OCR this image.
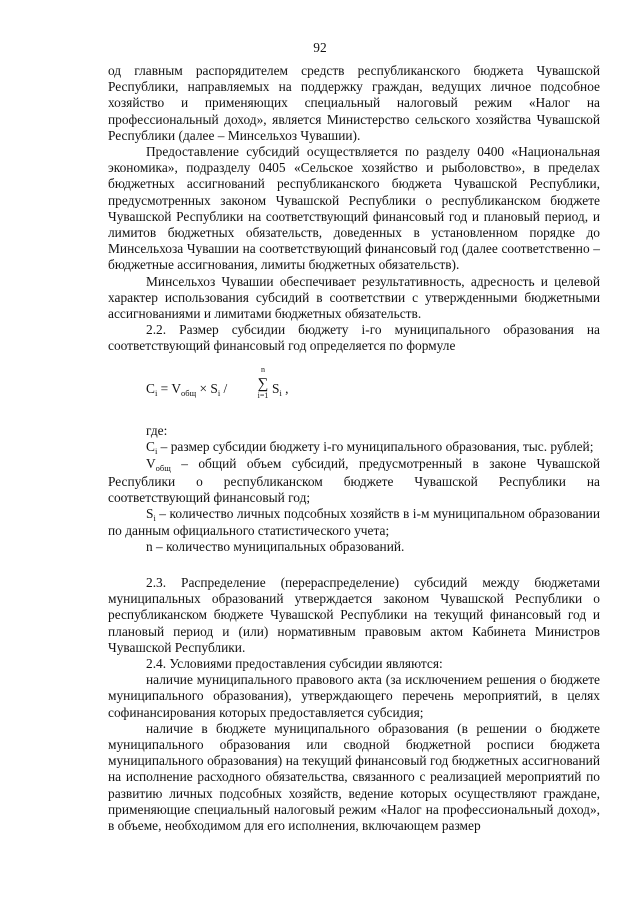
92

од главным распорядителем средств республиканского бюджета Чувашской Республики, направляемых на поддержку граждан, ведущих личное подсобное хозяйство и применяющих специальный налоговый режим «Налог на профессиональный доход», является Министерство сельского хозяйства Чувашской Республики (далее – Минсельхоз Чувашии).

Предоставление субсидий осуществляется по разделу 0400 «Национальная экономика», подразделу 0405 «Сельское хозяйство и рыболовство», в пределах бюджетных ассигнований республиканского бюджета Чувашской Республики, предусмотренных законом Чувашской Республики о республиканском бюджете Чувашской Республики на соответствующий финансовый год и плановый период, и лимитов бюджетных обязательств, доведенных в установленном порядке до Минсельхоза Чувашии на соответствующий финансовый год (далее соответственно – бюджетные ассигнования, лимиты бюджетных обязательств).

Минсельхоз Чувашии обеспечивает результативность, адресность и целевой характер использования субсидий в соответствии с утвержденными бюджетными ассигнованиями и лимитами бюджетных обязательств.

2.2. Размер субсидии бюджету i-го муниципального образования на соответствующий финансовый год определяется по формуле

$C_i = V_{общ} \times S_i$ /
n
∑
i=1 $S_i$ ,

где:

$C_i$ – размер субсидии бюджету i-го муниципального образования, тыс. рублей;

$V_{общ}$ – общий объем субсидий, предусмотренный в законе Чувашской Республики о республиканском бюджете Чувашской Республики на соответствующий финансовый год;

$S_i$ – количество личных подсобных хозяйств в i-м муниципальном образовании по данным официального статистического учета;

n – количество муниципальных образований.

2.3. Распределение (перераспределение) субсидий между бюджетами муниципальных образований утверждается законом Чувашской Республики о республиканском бюджете Чувашской Республики на текущий финансовый год и плановый период и (или) нормативным правовым актом Кабинета Министров Чувашской Республики.

2.4. Условиями предоставления субсидии являются:

наличие муниципального правового акта (за исключением решения о бюджете муниципального образования), утверждающего перечень мероприятий, в целях софинансирования которых предоставляется субсидия;

наличие в бюджете муниципального образования (в решении о бюджете муниципального образования или сводной бюджетной росписи бюджета муниципального образования) на текущий финансовый год бюджетных ассигнований на исполнение расходного обязательства, связанного с реализацией мероприятий по развитию личных подсобных хозяйств, ведение которых осуществляют граждане, применяющие специальный налоговый режим «Налог на профессиональный доход», в объеме, необходимом для его исполнения, включающем размер
